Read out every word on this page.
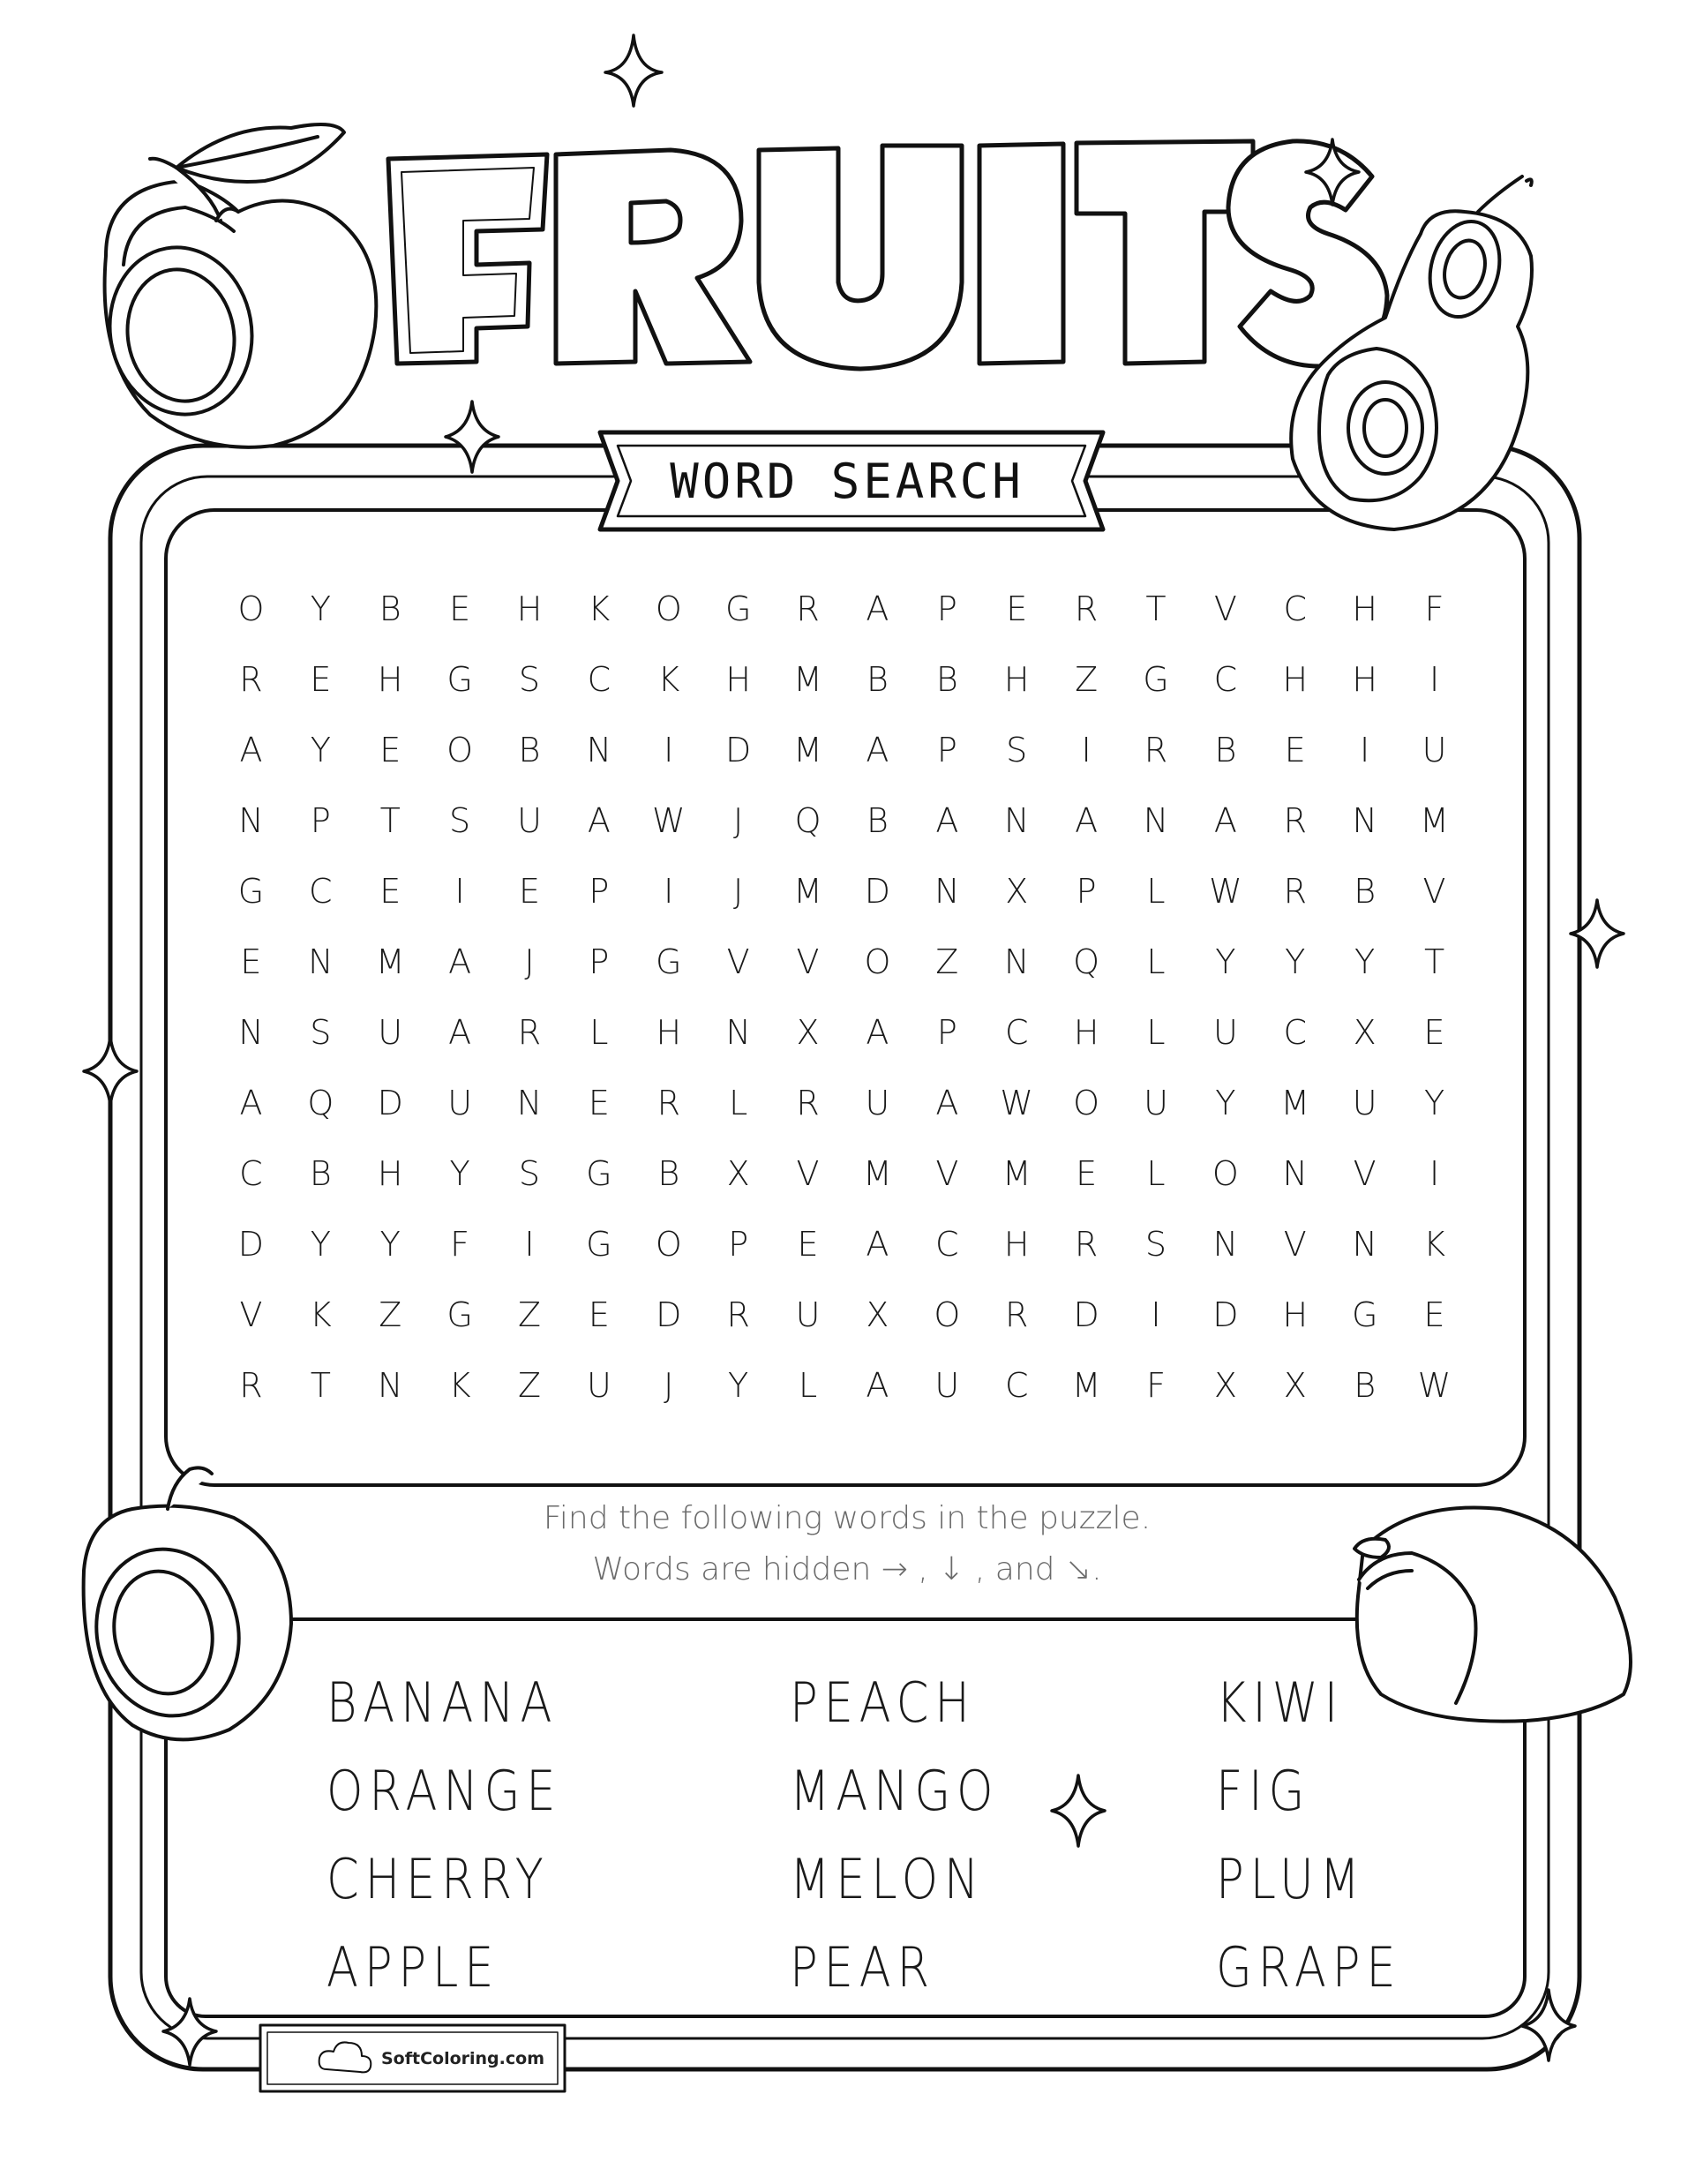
WORD SEARCH
O	Y	B	E	H	K	O	G	R	A	P	E	R	T	V	C	H	F
R	E	H	G	S	C	K	H	M	B	B	H	Z	G	C	H	H	I
A	Y	E	O	B	N	I	D	M	A	P	S	I	R	B	E	I	U
N	P	T	S	U	A	W	J	Q	B	A	N	A	N	A	R	N	M
G	C	E	I	E	P	I	J	M	D	N	X	P	L	W	R	B	V
E	N	M	A	J	P	G	V	V	O	Z	N	Q	L	Y	Y	Y	T
N	S	U	A	R	L	H	N	X	A	P	C	H	L	U	C	X	E
A	Q	D	U	N	E	R	L	R	U	A	W	O	U	Y	M	U	Y
C	B	H	Y	S	G	B	X	V	M	V	M	E	L	O	N	V	I
D	Y	Y	F	I	G	O	P	E	A	C	H	R	S	N	V	N	K
V	K	Z	G	Z	E	D	R	U	X	O	R	D	I	D	H	G	E
R	T	N	K	Z	U	J	Y	L	A	U	C	M	F	X	X	B	W
Find the following words in the puzzle.
Words are hidden → , ↓ , and ↘.
BANANA
ORANGE
CHERRY
APPLE
PEACH
MANGO
MELON
PEAR
KIWI
FIG
PLUM
GRAPE
SoftColoring.com
